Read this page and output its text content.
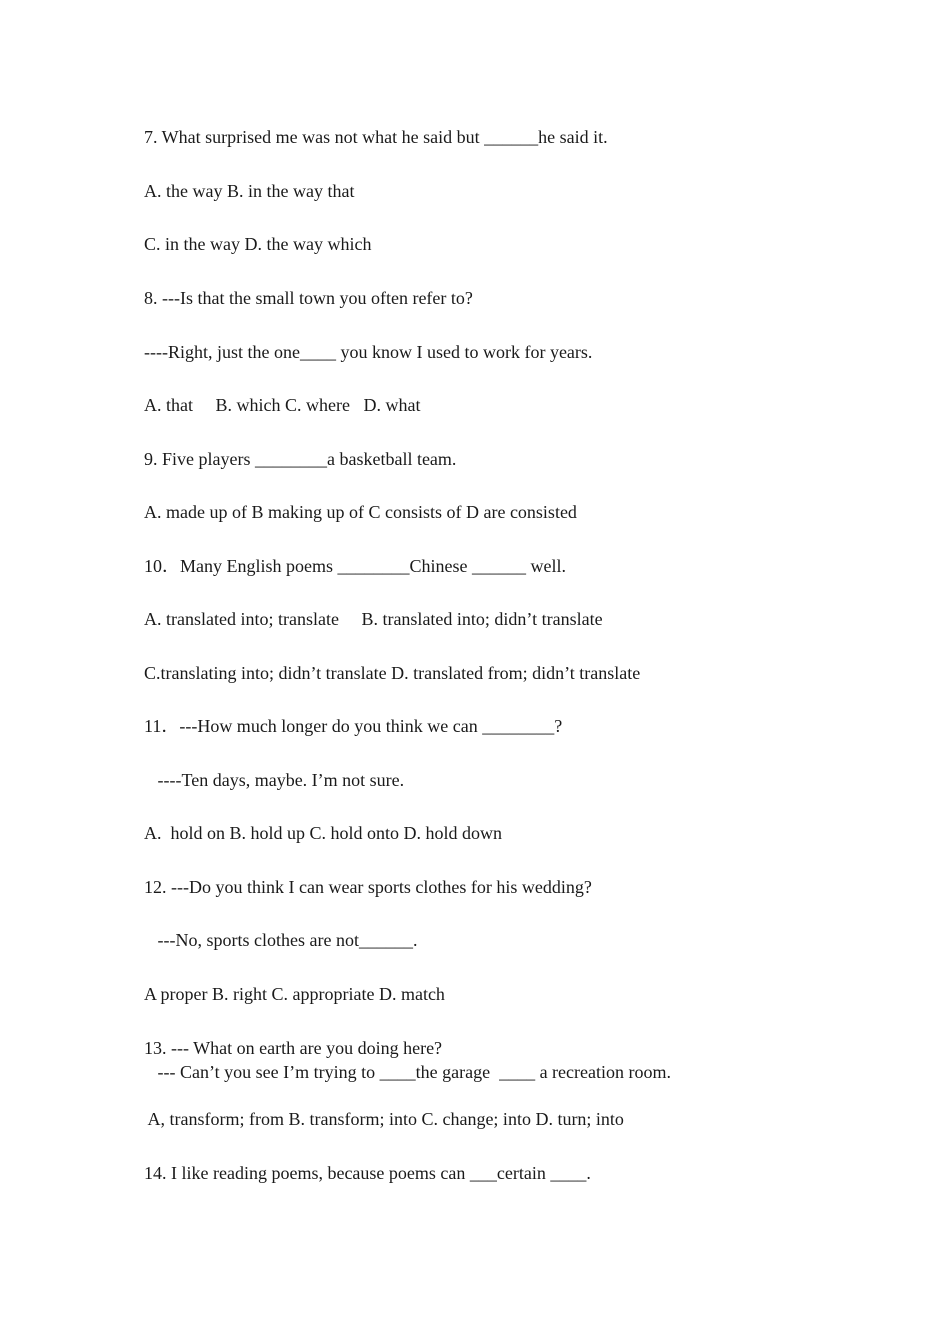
7. What surprised me was not what he said but ______he said it.

A. the way B. in the way that

C. in the way D. the way which

8. ---Is that the small town you often refer to?

----Right, just the one____ you know I used to work for years.

A. that     B. which C. where   D. what

9. Five players ________a basketball team.

A. made up of B making up of C consists of D are consisted

10．Many English poems ________Chinese ______ well.

A. translated into; translate     B. translated into; didn’t translate

C.translating into; didn’t translate D. translated from; didn’t translate

11．---How much longer do you think we can ________?

----Ten days, maybe. I’m not sure.

A.  hold on B. hold up C. hold onto D. hold down

12. ---Do you think I can wear sports clothes for his wedding?

---No, sports clothes are not______.

A proper B. right C. appropriate D. match

13. --- What on earth are you doing here?

--- Can’t you see I’m trying to ____the garage  ____ a recreation room.

A, transform; from B. transform; into C. change; into D. turn; into

14. I like reading poems, because poems can ___certain ____.
